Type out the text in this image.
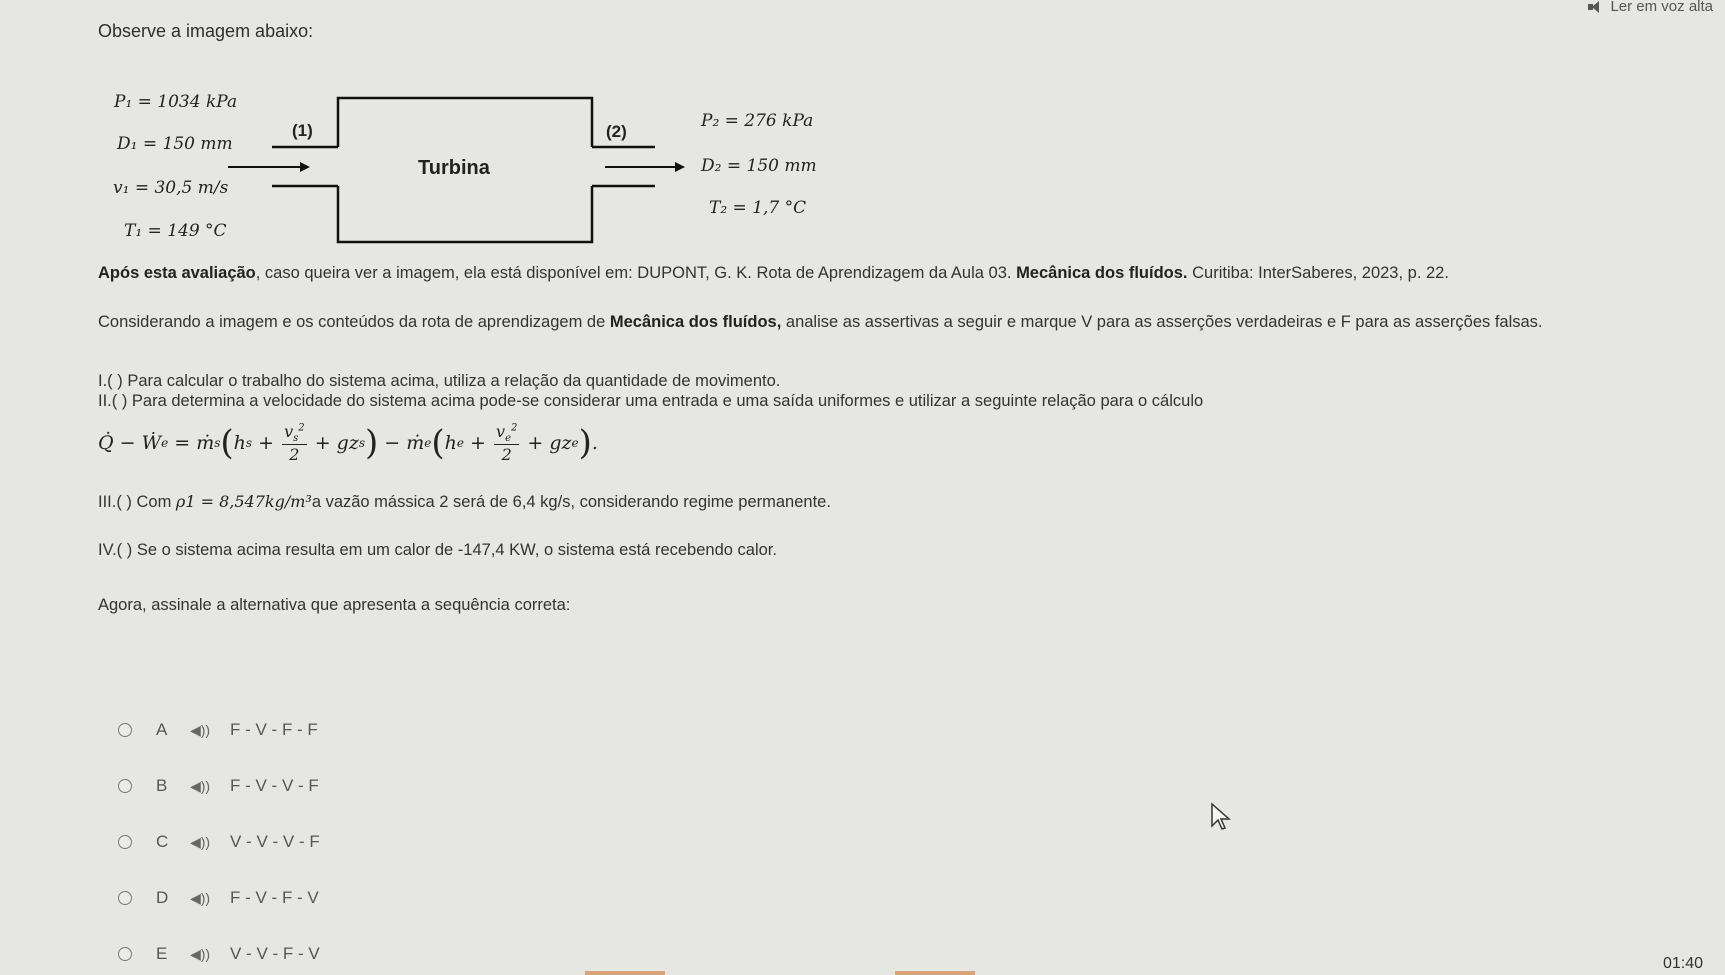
Ler em voz alta
Observe a imagem abaixo:
P₁ = 1034 kPa
D₁ = 150 mm
v₁ = 30,5 m/s
T₁ = 149 °C
(1)	(2)
Turbina
P₂ = 276 kPa
D₂ = 150 mm
T₂ = 1,7 °C
Após esta avaliação, caso queira ver a imagem, ela está disponível em: DUPONT, G. K. Rota de Aprendizagem da Aula 03. Mecânica dos fluídos. Curitiba: InterSaberes, 2023, p. 22.
Considerando a imagem e os conteúdos da rota de aprendizagem de Mecânica dos fluídos, analise as assertivas a seguir e marque V para as asserções verdadeiras e F para as asserções falsas.
I.( ) Para calcular o trabalho do sistema acima, utiliza a relação da quantidade de movimento.
II.( ) Para determina a velocidade do sistema acima pode-se considerar uma entrada e uma saída uniformes e utilizar a seguinte relação para o cálculo
Q̇ − Ẇ e = ṁ s ( h $s + \frac{v_s^2}{2}$ + gz s ) − ṁ e ( h $e + \frac{v_e^2}{2}$ + gz e ) .
III.( ) Com ρ1 = 8,547kg/m³a vazão mássica 2 será de 6,4 kg/s, considerando regime permanente.
IV.( ) Se o sistema acima resulta em um calor de -147,4 KW, o sistema está recebendo calor.
Agora, assinale a alternativa que apresenta a sequência correta:
A	◀))	F - V - F - F
B	◀))	F - V - V - F
C	◀))	V - V - V - F
D	◀))	F - V - F - V
E	◀))	V - V - F - V
01:40
